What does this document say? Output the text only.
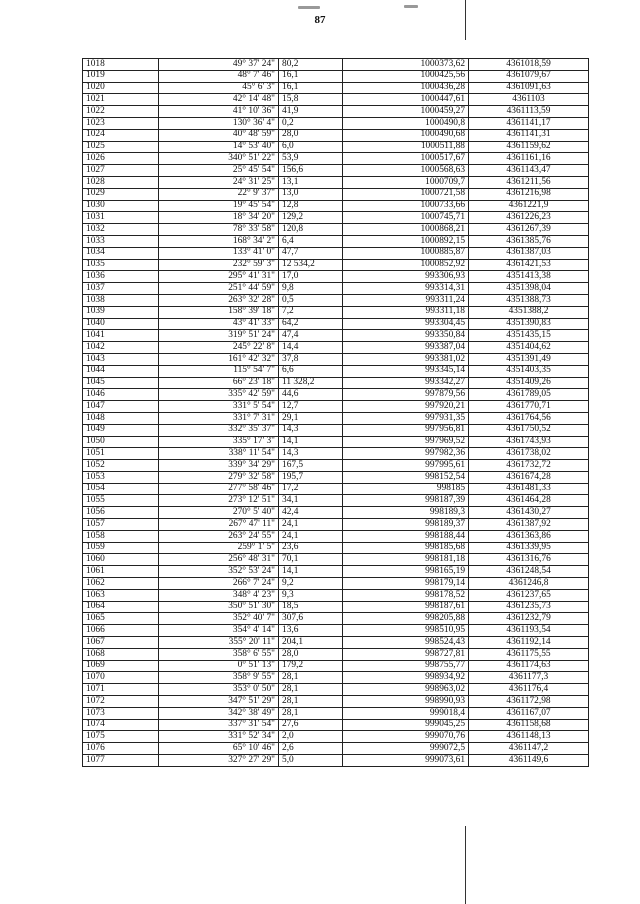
87
1018	49° 37' 24"	80,2	1000373,62	4361018,59
1019	48° 7' 46"	16,1	1000425,56	4361079,67
1020	45° 6' 3"	16,1	1000436,28	4361091,63
1021	42° 14' 48"	15,8	1000447,61	4361103
1022	41° 10' 36"	41,9	1000459,27	4361113,59
1023	130° 36' 4"	0,2	1000490,8	4361141,17
1024	40° 48' 59"	28,0	1000490,68	4361141,31
1025	14° 53' 40"	6,0	1000511,88	4361159,62
1026	340° 51' 22"	53,9	1000517,67	4361161,16
1027	25° 45' 54"	156,6	1000568,63	4361143,47
1028	24° 31' 25"	13,1	1000709,7	4361211,56
1029	22° 9' 37"	13,0	1000721,58	4361216,98
1030	19° 45' 54"	12,8	1000733,66	4361221,9
1031	18° 34' 20"	129,2	1000745,71	4361226,23
1032	78° 33' 58"	120,8	1000868,21	4361267,39
1033	168° 34' 2"	6,4	1000892,15	4361385,76
1034	133° 41' 0"	47,7	1000885,87	4361387,03
1035	232° 59' 3"	12 534,2	1000852,92	4361421,53
1036	295° 41' 31"	17,0	993306,93	4351413,38
1037	251° 44' 59"	9,8	993314,31	4351398,04
1038	263° 32' 28"	0,5	993311,24	4351388,73
1039	158° 39' 18"	7,2	993311,18	4351388,2
1040	43° 41' 33"	64,2	993304,45	4351390,83
1041	319° 51' 24"	47,4	993350,84	4351435,15
1042	245° 22' 8"	14,4	993387,04	4351404,62
1043	161° 42' 32"	37,8	993381,02	4351391,49
1044	115° 54' 7"	6,6	993345,14	4351403,35
1045	66° 23' 18"	11 328,2	993342,27	4351409,26
1046	335° 42' 59"	44,6	997879,56	4361789,05
1047	331° 5' 54"	12,7	997920,21	4361770,71
1048	331° 7' 31"	29,1	997931,35	4361764,56
1049	332° 35' 37"	14,3	997956,81	4361750,52
1050	335° 17' 3"	14,1	997969,52	4361743,93
1051	338° 11' 54"	14,3	997982,36	4361738,02
1052	339° 34' 29"	167,5	997995,61	4361732,72
1053	279° 32' 58"	195,7	998152,54	4361674,28
1054	277° 58' 46"	17,2	998185	4361481,33
1055	273° 12' 51"	34,1	998187,39	4361464,28
1056	270° 5' 40"	42,4	998189,3	4361430,27
1057	267° 47' 11"	24,1	998189,37	4361387,92
1058	263° 24' 55"	24,1	998188,44	4361363,86
1059	259° 1' 5"	23,6	998185,68	4361339,95
1060	256° 48' 31"	70,1	998181,18	4361316,76
1061	352° 53' 24"	14,1	998165,19	4361248,54
1062	266° 7' 24"	9,2	998179,14	4361246,8
1063	348° 4' 23"	9,3	998178,52	4361237,65
1064	350° 51' 30"	18,5	998187,61	4361235,73
1065	352° 40' 7"	307,6	998205,88	4361232,79
1066	354° 4' 14"	13,6	998510,95	4361193,54
1067	355° 20' 11"	204,1	998524,43	4361192,14
1068	358° 6' 55"	28,0	998727,81	4361175,55
1069	0° 51' 13"	179,2	998755,77	4361174,63
1070	358° 9' 55"	28,1	998934,92	4361177,3
1071	353° 0' 50"	28,1	998963,02	4361176,4
1072	347° 51' 29"	28,1	998990,93	4361172,98
1073	342° 38' 49"	28,1	999018,4	4361167,07
1074	337° 31' 54"	27,6	999045,25	4361158,68
1075	331° 52' 34"	2,0	999070,76	4361148,13
1076	65° 10' 46"	2,6	999072,5	4361147,2
1077	327° 27' 29"	5,0	999073,61	4361149,6
